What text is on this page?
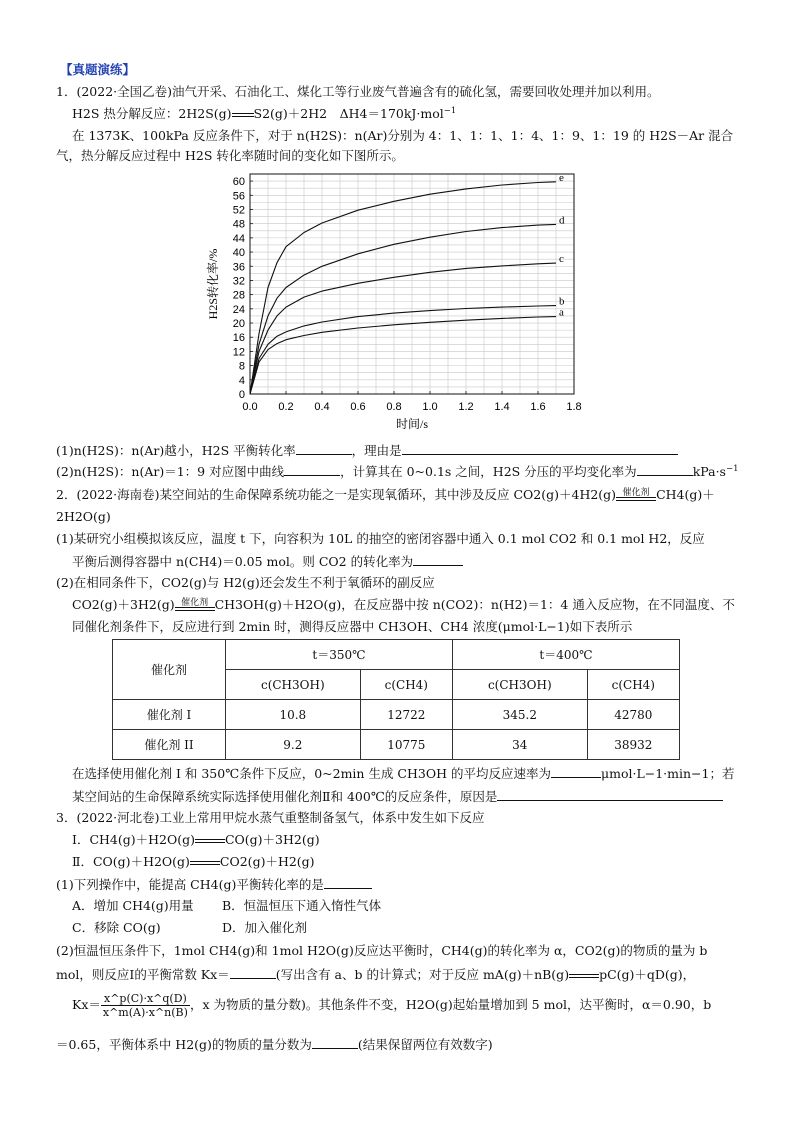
【真题演练】
1．(2022·全国乙卷)油气开采、石油化工、煤化工等行业废气普遍含有的硫化氢，需要回收处理并加以利用。
H2S 热分解反应：2H2S(g) S2(g)＋2H2　ΔH4＝170kJ·mol$^{-1}$
在 1373K、100kPa 反应条件下，对于 n(H2S)：n(Ar)分别为 4：1、1：1、1：4、1：9、1：19 的 H2S－Ar 混合
气，热分解反应过程中 H2S 转化率随时间的变化如下图所示。
0.0 0.2 0.4 0.6 0.8 1.0 1.2 1.4 1.6 1.8
0
4
8
12
16
20
24
28
32
36
40
44
48
52
56
60
时间/s
H2S转化率/%	a
b
c
d
e
(1)n(H2S)：n(Ar)越小，H2S 平衡转化率	，理由是
(2)n(H2S)：n(Ar)＝1：9 对应图中曲线	，计算其在 0~0.1s 之间，H2S 分压的平均变化率为	$kPa\cdot s^{-1}$
2．(2022·海南卷)某空间站的生命保障系统功能之一是实现氧循环，其中涉及反应 CO2(g)＋4H2(g) 催化剂 CH4(g)＋
2H2O(g)
(1)某研究小组模拟该反应，温度 t 下，向容积为 10L 的抽空的密闭容器中通入 0.1 mol CO2 和 0.1 mol H2，反应
平衡后测得容器中 n(CH4)＝0.05 mol。则 CO2 的转化率为
(2)在相同条件下，CO2(g)与 H2(g)还会发生不利于氧循环的副反应
CO2(g)＋3H2(g) 催化剂 CH3OH(g)＋H2O(g)，在反应器中按 n(CO2)：n(H2)＝1：4 通入反应物，在不同温度、不
同催化剂条件下，反应进行到 2min 时，测得反应器中 CH3OH、CH4 浓度(μmol·L−1)如下表所示
催化剂	t＝350℃		t＝400℃	
	c(CH3OH)	c(CH4)	c(CH3OH)	c(CH4)
催化剂 I	10.8	12722	345.2	42780
催化剂 II	9.2	10775	34	38932
在选择使用催化剂 I 和 350℃条件下反应，0~2min 生成 CH3OH 的平均反应速率为	μmol·L−1·min−1；若
某空间站的生命保障系统实际选择使用催化剂Ⅱ和 400℃的反应条件，原因是
3．(2022·河北卷)工业上常用甲烷水蒸气重整制备氢气，体系中发生如下反应
Ⅰ．CH4(g)＋H2O(g) CO(g)＋3H2(g)
Ⅱ．CO(g)＋H2O(g) CO2(g)＋H2(g)
(1)下列操作中，能提高 CH4(g)平衡转化率的是
A．增加 CH4(g)用量 B．恒温恒压下通入惰性气体
C．移除 CO(g)	D．加入催化剂
(2)恒温恒压条件下，1mol CH4(g)和 1mol H2O(g)反应达平衡时，CH4(g)的转化率为 α，CO2(g)的物质的量为 b
mol，则反应Ⅰ的平衡常数 Kx＝	(写出含有 a、b 的计算式；对于反应 mA(g)＋nB(g) pC(g)＋qD(g)，
$Kx= \frac{x\^{}p(C)\cdot x\^{}q(D)}{x\^{}m(A)\cdot x\^{}n(B)}$ ，x 为物质的量分数)。其他条件不变，H2O(g)起始量增加到 5 mol，达平衡时，α＝0.90，b
＝0.65，平衡体系中 H2(g)的物质的量分数为	(结果保留两位有效数字)
